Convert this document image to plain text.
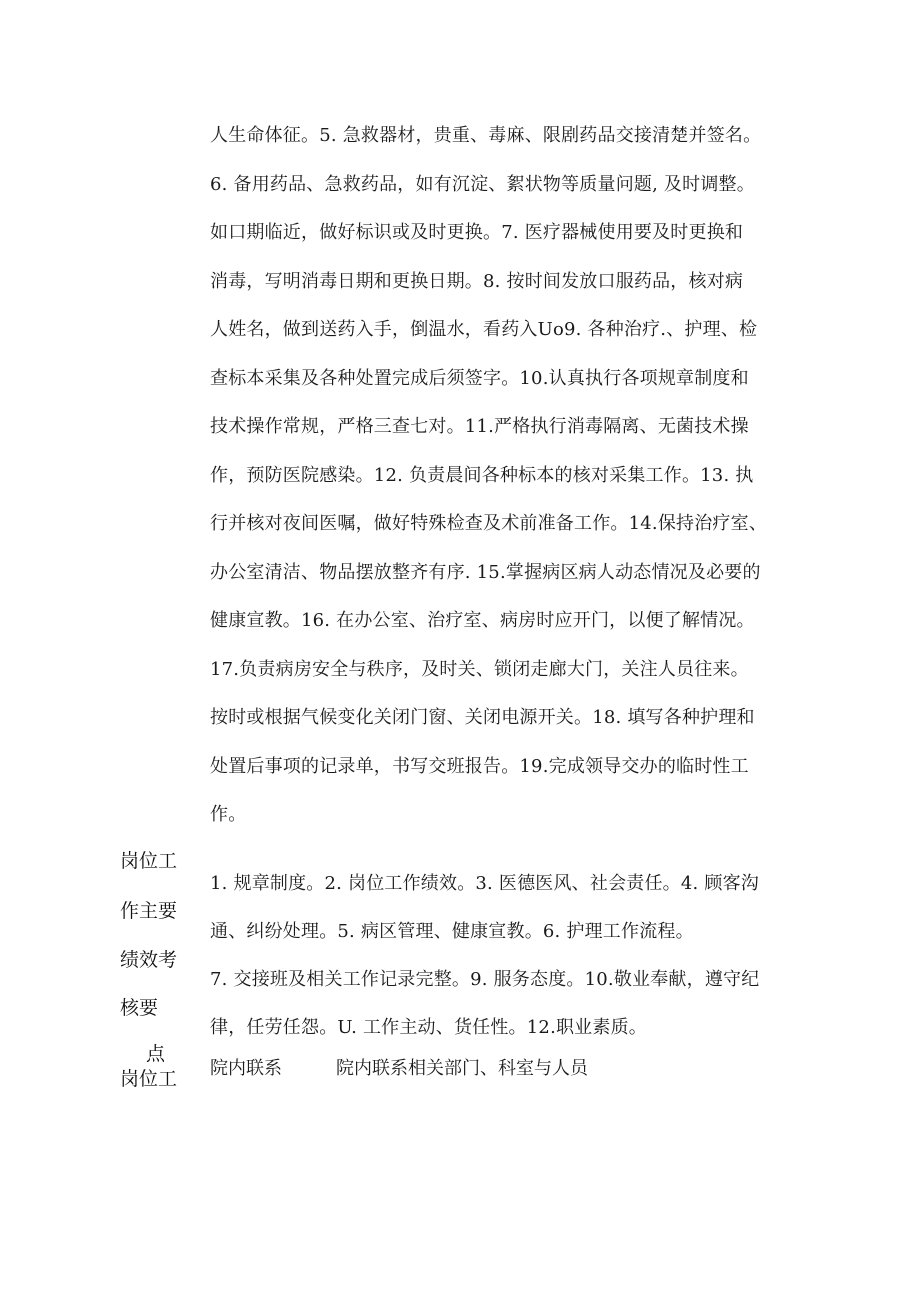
人生命体征。5. 急救器材，贵重、毒麻、限剧药品交接清楚并签名。
6. 备用药品、急救药品，如有沉淀、絮状物等质量问题, 及时调整。
如口期临近，做好标识或及时更换。7. 医疗器械使用要及时更换和
消毒，写明消毒日期和更换日期。8. 按时间发放口服药品，核对病
人姓名，做到送药入手，倒温水，看药入Uo9. 各种治疗.、护理、检
查标本采集及各种处置完成后须签字。10.认真执行各项规章制度和
技术操作常规，严格三查七对。11.严格执行消毒隔离、无菌技术操
作，预防医院感染。12. 负责晨间各种标本的核对采集工作。13. 执
行并核对夜间医嘱，做好特殊检查及术前准备工作。14.保持治疗室、
办公室清洁、物品摆放整齐有序. 15.掌握病区病人动态情况及必要的
健康宣教。16. 在办公室、治疗室、病房时应开门，以便了解情况。
17.负责病房安全与秩序，及时关、锁闭走廊大门，关注人员往来。
按时或根据气候变化关闭门窗、关闭电源开关。18. 填写各种护理和
处置后事项的记录单，书写交班报告。19.完成领导交办的临时性工
作。
岗位工
作主要
绩效考
核要
点
1. 规章制度。2. 岗位工作绩效。3. 医德医风、社会责任。4. 顾客沟
通、纠纷处理。5. 病区管理、健康宣教。6. 护理工作流程。
7. 交接班及相关工作记录完整。9. 服务态度。10.敬业奉献，遵守纪
律，任劳任怨。U. 工作主动、货任性。12.职业素质。
岗位工 院内联系	院内联系相关部门、科室与人员
